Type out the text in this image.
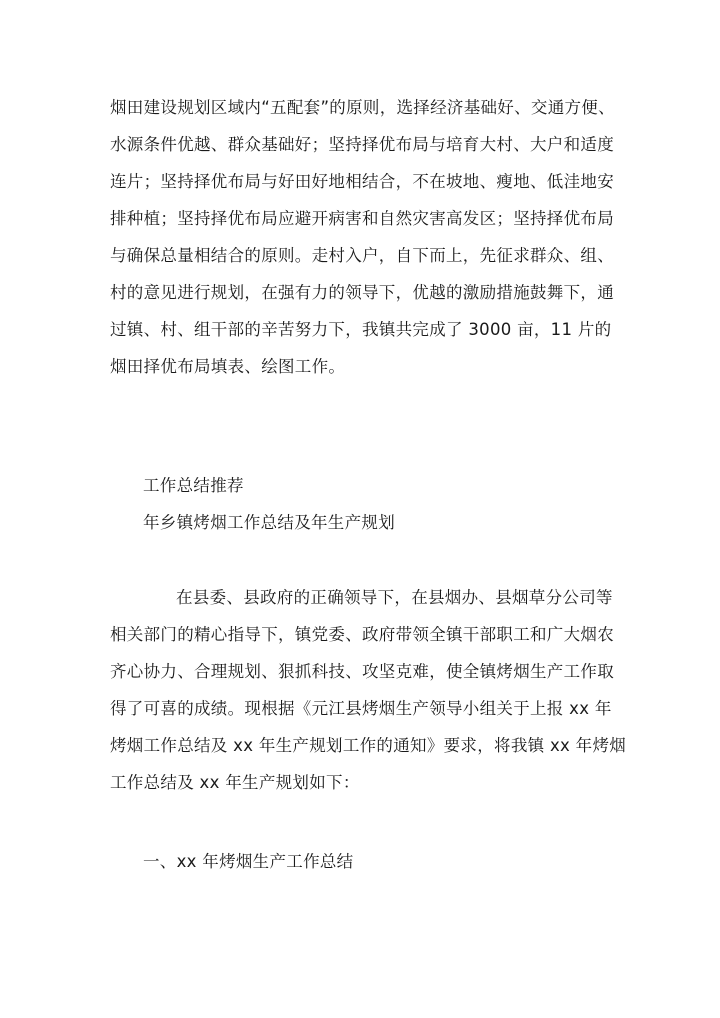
烟田建设规划区域内“五配套”的原则，选择经济基础好、交通方便、
水源条件优越、群众基础好；坚持择优布局与培育大村、大户和适度
连片；坚持择优布局与好田好地相结合，不在坡地、瘦地、低洼地安
排种植；坚持择优布局应避开病害和自然灾害高发区；坚持择优布局
与确保总量相结合的原则。走村入户，自下而上，先征求群众、组、
村的意见进行规划，在强有力的领导下，优越的激励措施鼓舞下，通
过镇、村、组干部的辛苦努力下，我镇共完成了 3000 亩，11 片的
烟田择优布局填表、绘图工作。
工作总结推荐
年乡镇烤烟工作总结及年生产规划
在县委、县政府的正确领导下，在县烟办、县烟草分公司等
相关部门的精心指导下，镇党委、政府带领全镇干部职工和广大烟农
齐心协力、合理规划、狠抓科技、攻坚克难，使全镇烤烟生产工作取
得了可喜的成绩。现根据《元江县烤烟生产领导小组关于上报 xx 年
烤烟工作总结及 xx 年生产规划工作的通知》要求，将我镇 xx 年烤烟
工作总结及 xx 年生产规划如下：
一、xx 年烤烟生产工作总结
